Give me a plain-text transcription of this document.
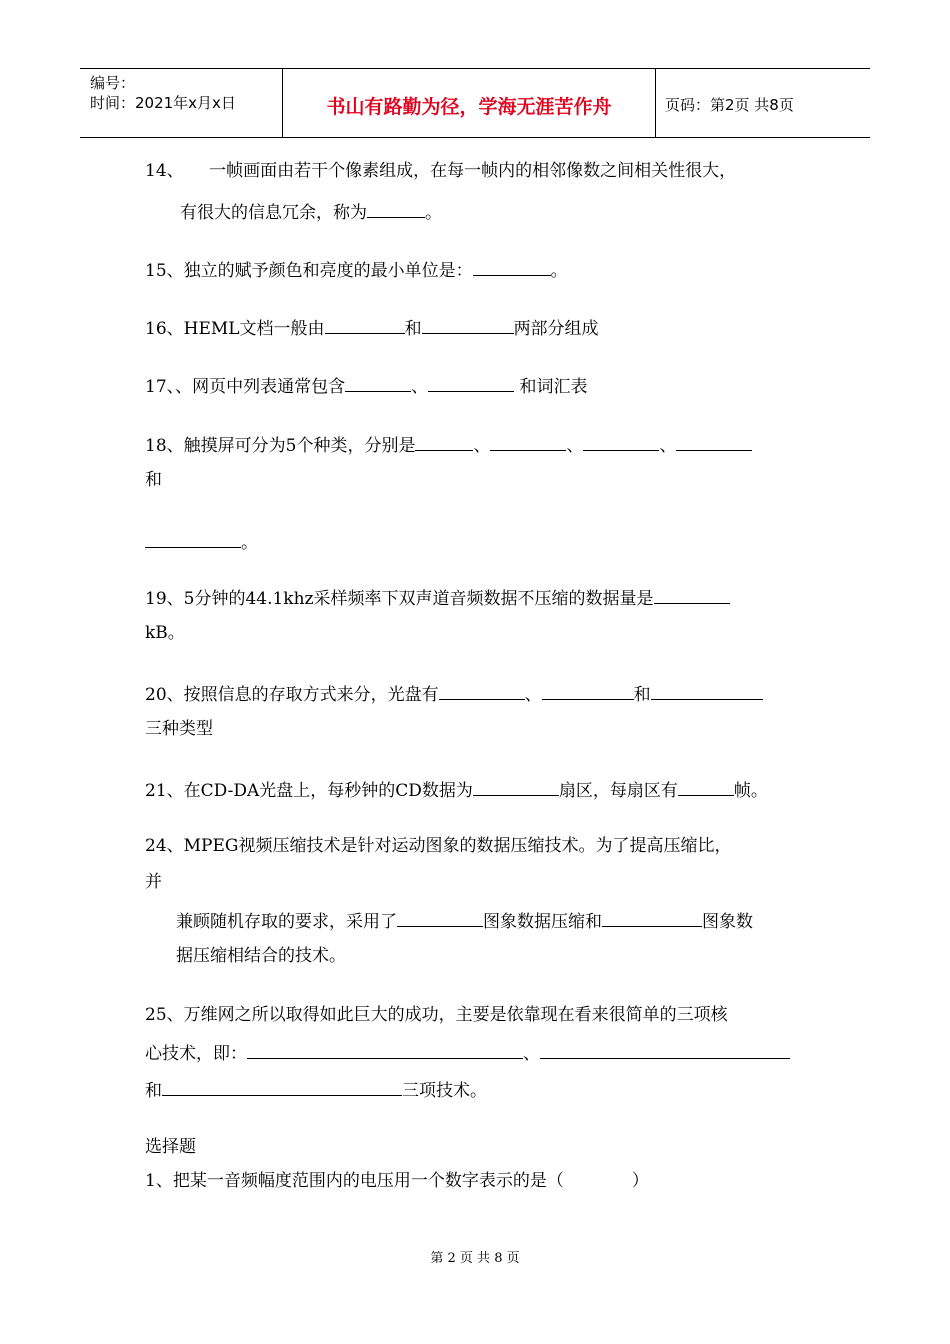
编号：
时间：2021年x月x日	书山有路勤为径，学海无涯苦作舟	页码：第2页 共8页
14、　　一帧画面由若干个像素组成，在每一帧内的相邻像数之间相关性很大，
有很大的信息冗余，称为	。
15、独立的赋予颜色和亮度的最小单位是：	。
16、HEML文档一般由	和	两部分组成
17、、网页中列表通常包含	、	和词汇表
18、触摸屏可分为5个种类，分别是	、	、	、
和
。
19、5分钟的44.1khz采样频率下双声道音频数据不压缩的数据量是
kB。
20、按照信息的存取方式来分，光盘有	、	和
三种类型
21、在CD-DA光盘上，每秒钟的CD数据为	扇区，每扇区有	帧。
24、MPEG视频压缩技术是针对运动图象的数据压缩技术。为了提高压缩比，
并
兼顾随机存取的要求，采用了	图象数据压缩和	图象数
据压缩相结合的技术。
25、万维网之所以取得如此巨大的成功，主要是依靠现在看来很简单的三项核
心技术，即：	、
和	三项技术。
选择题
1、把某一音频幅度范围内的电压用一个数字表示的是（　　　　）
第 2 页 共 8 页
